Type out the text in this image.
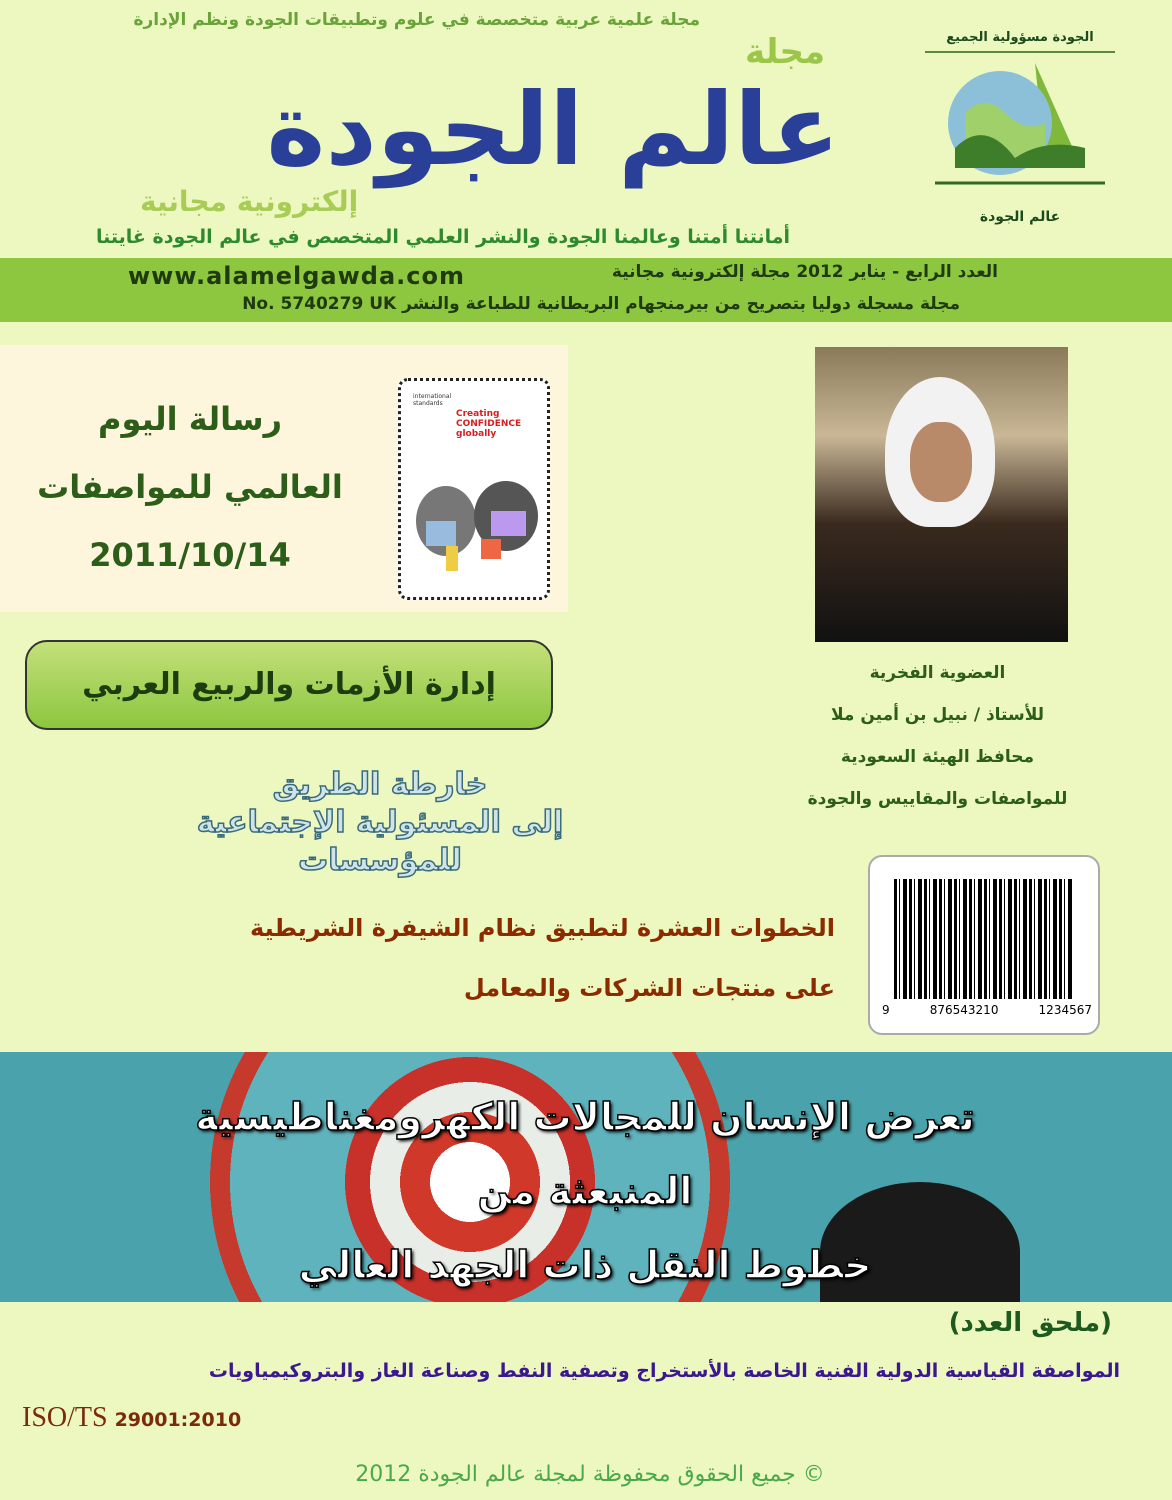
مجلة علمية عربية متخصصة في علوم وتطبيقات الجودة ونظم الإدارة
الجودة مسؤولية الجميع
عالم الجودة
مجلة
عالم الجودة
إلكترونية مجانية
أمانتنا أمتنا وعالمنا الجودة والنشر العلمي المتخصص في عالم الجودة غايتنا
www.alamelgawda.com	العدد الرابع - يناير 2012 مجلة إلكترونية مجانية
مجلة مسجلة دوليا بتصريح من بيرمنجهام البريطانية للطباعة والنشر No. 5740279 UK
رسالة اليوم
العالمي للمواصفات
2011/10/14
international standards
Creating CONFIDENCE globally
العضوية الفخرية
للأستاذ / نبيل بن أمين ملا
محافظ الهيئة السعودية
للمواصفات والمقاييس والجودة
إدارة الأزمات والربيع العربي
خارطة الطريق
إلى المسئولية الإجتماعية
للمؤسسات
9	876543210	1234567
الخطوات العشرة لتطبيق نظام الشيفرة الشريطية
على منتجات الشركات والمعامل
تعرض الإنسان للمجالات الكهرومغناطيسية
المنبعثة من
خطوط النقل ذات الجهد العالي
(ملحق العدد)
المواصفة القياسية الدولية الفنية الخاصة بالأستخراج وتصفية النفط وصناعة الغاز والبتروكيمياويات
ISO/TS 29001:2010
© جميع الحقوق محفوظة لمجلة عالم الجودة 2012
